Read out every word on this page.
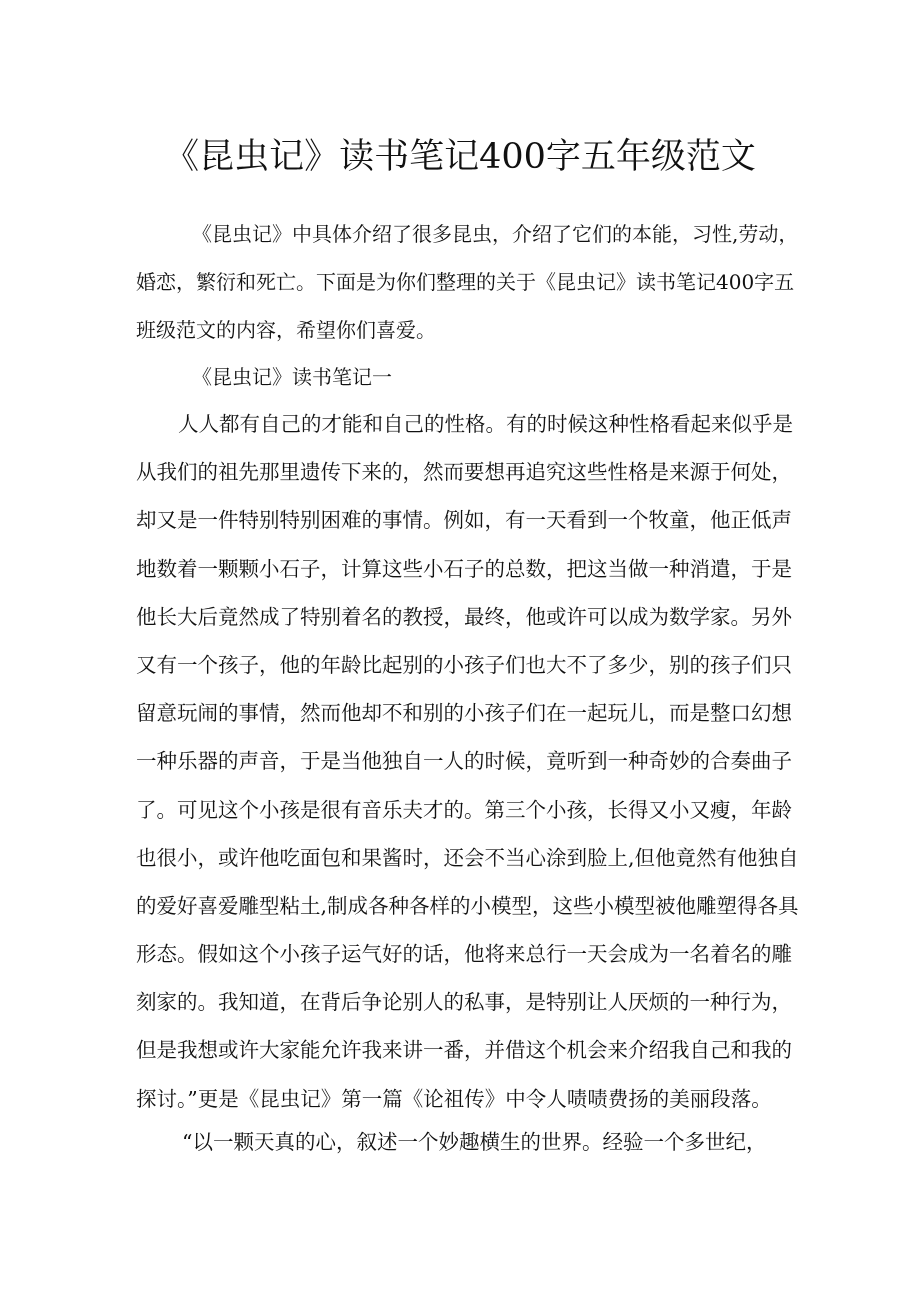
《昆虫记》读书笔记400字五年级范文
《昆虫记》中具体介绍了很多昆虫，介绍了它们的本能，习性,劳动，
婚恋，繁衍和死亡。下面是为你们整理的关于《昆虫记》读书笔记400字五
班级范文的内容，希望你们喜爱。
《昆虫记》读书笔记一
人人都有自己的才能和自己的性格。有的时候这种性格看起来似乎是
从我们的祖先那里遗传下来的，然而要想再追究这些性格是来源于何处，
却又是一件特别特别困难的事情。例如，有一天看到一个牧童，他正低声
地数着一颗颗小石子，计算这些小石子的总数，把这当做一种消遣，于是
他长大后竟然成了特别着名的教授，最终，他或许可以成为数学家。另外
又有一个孩子，他的年龄比起别的小孩子们也大不了多少，别的孩子们只
留意玩闹的事情，然而他却不和别的小孩子们在一起玩儿，而是整口幻想
一种乐器的声音，于是当他独自一人的时候，竟听到一种奇妙的合奏曲子
了。可见这个小孩是很有音乐夫才的。第三个小孩，长得又小又瘦，年龄
也很小，或许他吃面包和果酱时，还会不当心涂到脸上,但他竟然有他独自
的爱好喜爱雕型粘土,制成各种各样的小模型，这些小模型被他雕塑得各具
形态。假如这个小孩子运气好的话，他将来总行一天会成为一名着名的雕
刻家的。我知道，在背后争论别人的私事，是特别让人厌烦的一种行为，
但是我想或许大家能允许我来讲一番，并借这个机会来介绍我自己和我的
探讨。”更是《昆虫记》第一篇《论祖传》中令人啧啧费扬的美丽段落。
“以一颗天真的心，叙述一个妙趣横生的世界。经验一个多世纪，
